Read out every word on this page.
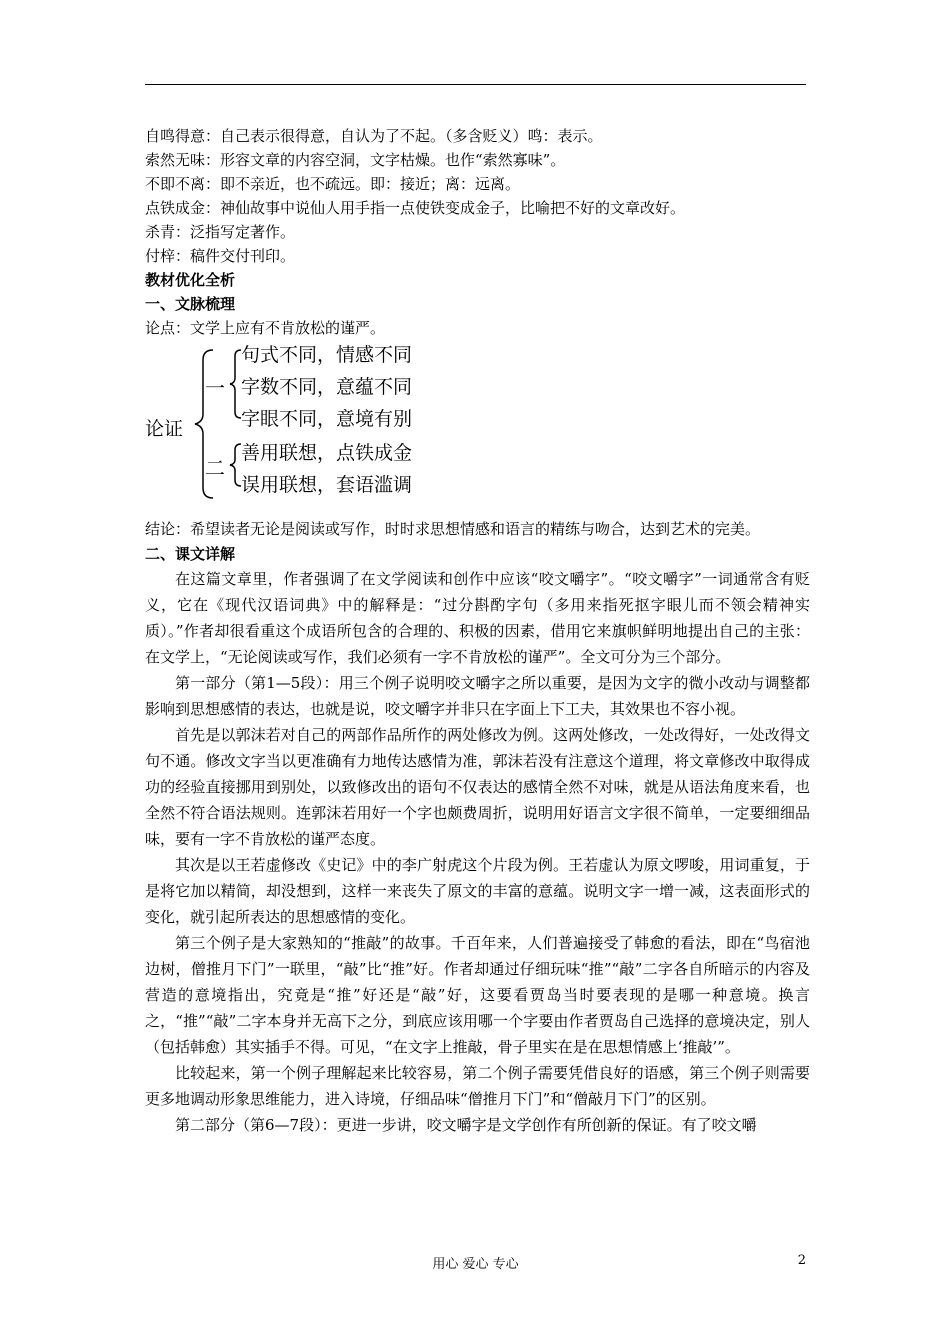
自鸣得意：自己表示很得意，自认为了不起。（多含贬义）鸣：表示。
索然无味：形容文章的内容空洞，文字枯燥。也作“索然寡味”。
不即不离：即不亲近，也不疏远。即：接近；离：远离。
点铁成金：神仙故事中说仙人用手指一点使铁变成金子，比喻把不好的文章改好。
杀青：泛指写定著作。
付梓：稿件交付刊印。
教材优化全析
一、文脉梳理
论点：文学上应有不肯放松的谨严。
论证
一
二
句式不同，情感不同
字数不同，意蕴不同
字眼不同，意境有别
善用联想，点铁成金
误用联想，套语滥调
结论：希望读者无论是阅读或写作，时时求思想情感和语言的精练与吻合，达到艺术的完美。
二、课文详解

在这篇文章里，作者强调了在文学阅读和创作中应该“咬文嚼字”。“咬文嚼字”一词通常含有贬义，它在《现代汉语词典》中的解释是：“过分斟酌字句（多用来指死抠字眼儿而不领会精神实质）。”作者却很看重这个成语所包含的合理的、积极的因素，借用它来旗帜鲜明地提出自己的主张：在文学上，“无论阅读或写作，我们必须有一字不肯放松的谨严”。全文可分为三个部分。

第一部分（第1—5段）：用三个例子说明咬文嚼字之所以重要，是因为文字的微小改动与调整都影响到思想感情的表达，也就是说，咬文嚼字并非只在字面上下工夫，其效果也不容小视。

首先是以郭沫若对自己的两部作品所作的两处修改为例。这两处修改，一处改得好，一处改得文句不通。修改文字当以更准确有力地传达感情为准，郭沫若没有注意这个道理，将文章修改中取得成功的经验直接挪用到别处，以致修改出的语句不仅表达的感情全然不对味，就是从语法角度来看，也全然不符合语法规则。连郭沫若用好一个字也颇费周折，说明用好语言文字很不简单，一定要细细品味，要有一字不肯放松的谨严态度。

其次是以王若虚修改《史记》中的李广射虎这个片段为例。王若虚认为原文啰唆，用词重复，于是将它加以精简，却没想到，这样一来丧失了原文的丰富的意蕴。说明文字一增一减，这表面形式的变化，就引起所表达的思想感情的变化。

第三个例子是大家熟知的“推敲”的故事。千百年来，人们普遍接受了韩愈的看法，即在“鸟宿池边树，僧推月下门”一联里，“敲”比“推”好。作者却通过仔细玩味“推”“敲”二字各自所暗示的内容及营造的意境指出，究竟是“推”好还是“敲”好，这要看贾岛当时要表现的是哪一种意境。换言之，“推”“敲”二字本身并无高下之分，到底应该用哪一个字要由作者贾岛自己选择的意境决定，别人（包括韩愈）其实插手不得。可见，“在文字上推敲，骨子里实在是在思想情感上‘推敲’”。

比较起来，第一个例子理解起来比较容易，第二个例子需要凭借良好的语感，第三个例子则需要更多地调动形象思维能力，进入诗境，仔细品味“僧推月下门”和“僧敲月下门”的区别。

第二部分（第6—7段）：更进一步讲，咬文嚼字是文学创作有所创新的保证。有了咬文嚼

用心 爱心 专心	2
